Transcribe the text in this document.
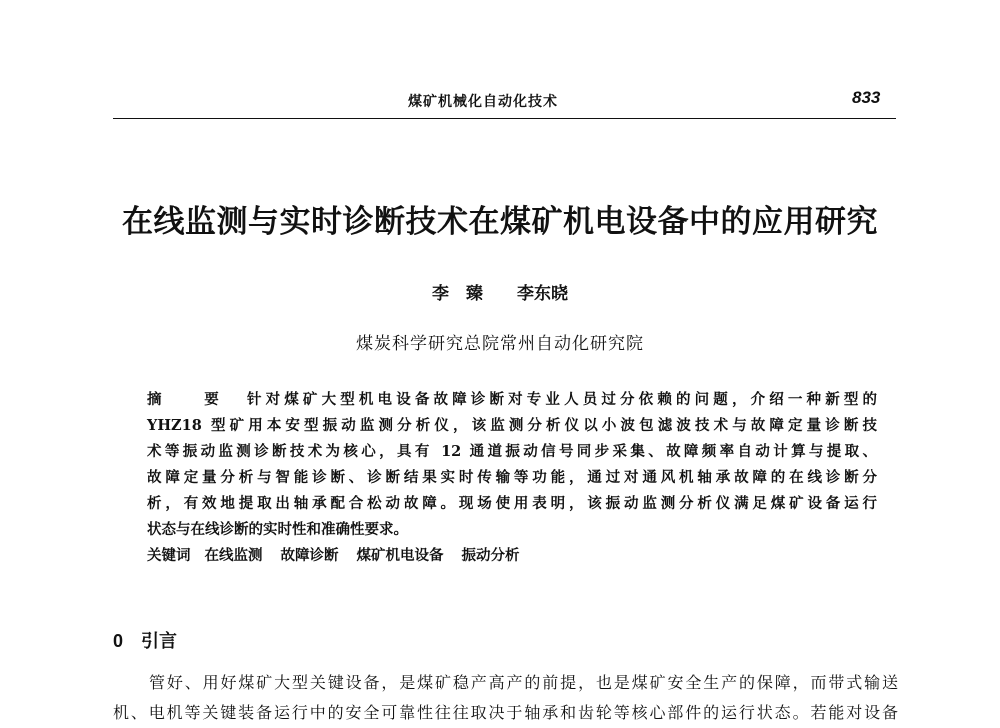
煤矿机械化自动化技术	833
在线监测与实时诊断技术在煤矿机电设备中的应用研究
李　臻 李东晓
煤炭科学研究总院常州自动化研究院
摘　要 针对煤矿大型机电设备故障诊断对专业人员过分依赖的问题，介绍一种新型的
YHZ18 型矿用本安型振动监测分析仪，该监测分析仪以小波包滤波技术与故障定量诊断技
术等振动监测诊断技术为核心，具有 12 通道振动信号同步采集、故障频率自动计算与提取、
故障定量分析与智能诊断、诊断结果实时传输等功能，通过对通风机轴承故障的在线诊断分
析，有效地提取出轴承配合松动故障。现场使用表明，该振动监测分析仪满足煤矿设备运行
状态与在线诊断的实时性和准确性要求。
关键词 在线监测 故障诊断 煤矿机电设备 振动分析
0 引言
管好、用好煤矿大型关键设备，是煤矿稳产高产的前提，也是煤矿安全生产的保障，而带式输送
机、电机等关键装备运行中的安全可靠性往往取决于轴承和齿轮等核心部件的运行状态。若能对设备
